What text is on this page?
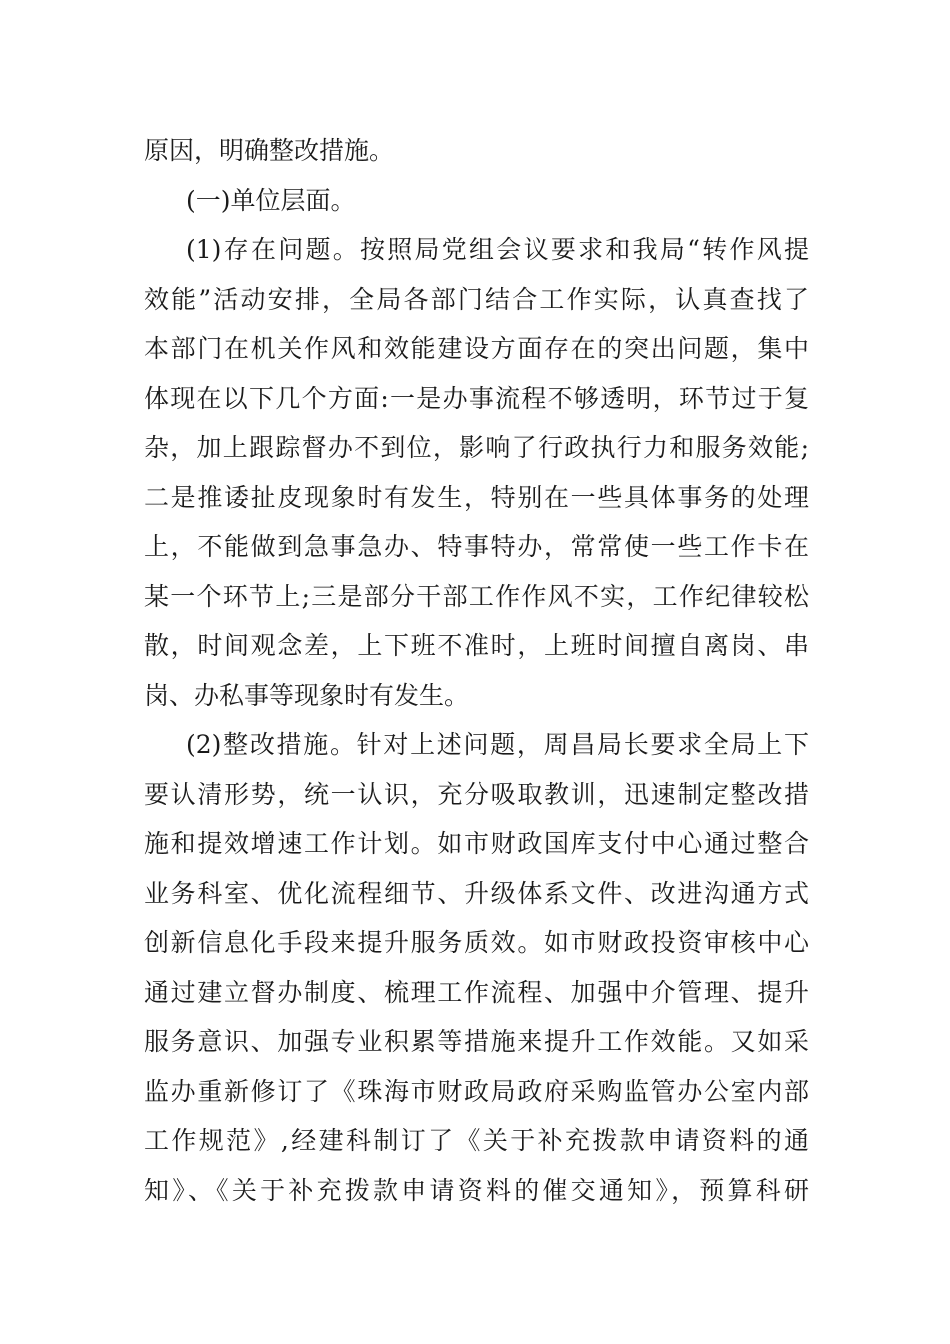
原因，明确整改措施。
(一)单位层面。
(1)存在问题。按照局党组会议要求和我局“转作风提
效能”活动安排，全局各部门结合工作实际，认真查找了
本部门在机关作风和效能建设方面存在的突出问题，集中
体现在以下几个方面:一是办事流程不够透明，环节过于复
杂，加上跟踪督办不到位，影响了行政执行力和服务效能;
二是推诿扯皮现象时有发生，特别在一些具体事务的处理
上，不能做到急事急办、特事特办，常常使一些工作卡在
某一个环节上;三是部分干部工作作风不实，工作纪律较松
散，时间观念差，上下班不准时，上班时间擅自离岗、串
岗、办私事等现象时有发生。
(2)整改措施。针对上述问题，周昌局长要求全局上下
要认清形势，统一认识，充分吸取教训，迅速制定整改措
施和提效增速工作计划。如市财政国库支付中心通过整合
业务科室、优化流程细节、升级体系文件、改进沟通方式
创新信息化手段来提升服务质效。如市财政投资审核中心
通过建立督办制度、梳理工作流程、加强中介管理、提升
服务意识、加强专业积累等措施来提升工作效能。又如采
监办重新修订了《珠海市财政局政府采购监管办公室内部
工作规范》,经建科制订了《关于补充拨款申请资料的通
知》、《关于补充拨款申请资料的催交通知》，预算科研
